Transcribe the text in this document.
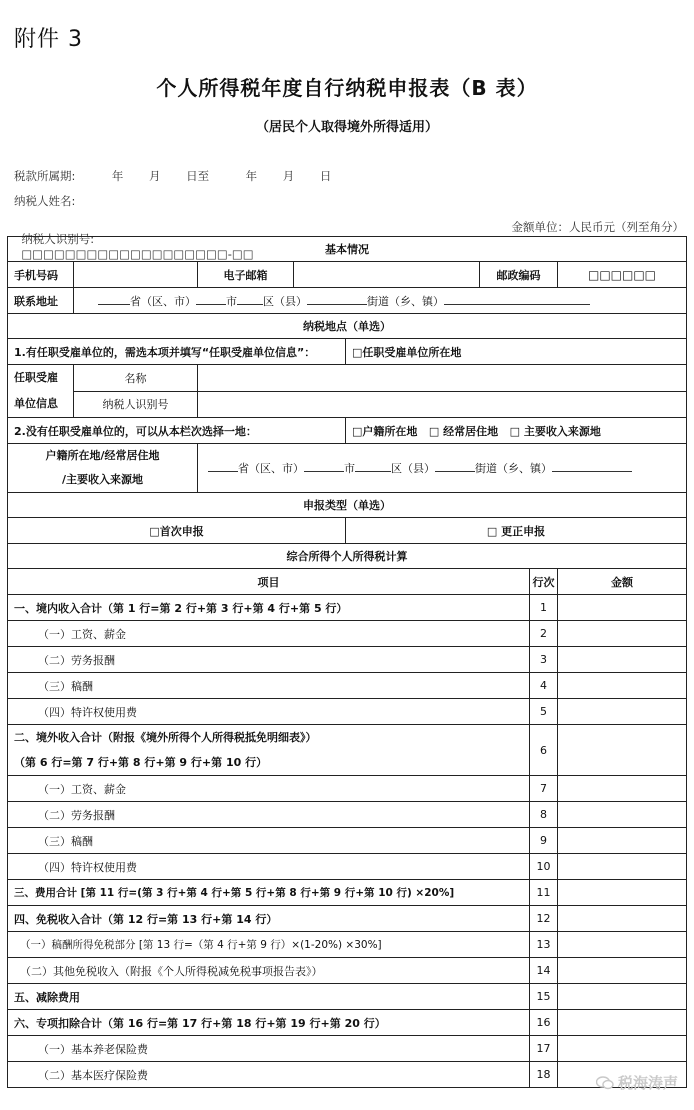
附件 3
个人所得税年度自行纳税申报表（B 表）
（居民个人取得境外所得适用）
税款所属期:          年       月       日至          年       月       日
纳税人姓名:

纳税人识别号:
□□□□□□□□□□□□□□□□□□□-□□

金额单位：人民币元（列至角分）
基本情况							
手机号码		电子邮箱			邮政编码		□□□□□□
联系地址	省（区、市） 市 区（县） 街道（乡、镇）						
纳税地点（单选）							
1.有任职受雇单位的，需选本项并填写“任职受雇单位信息”：				□任职受雇单位所在地			

任职受雇
单位信息	名称						
	纳税人识别号						
2.没有任职受雇单位的，可以从本栏次选择一地：				□户籍所在地 □ 经常居住地 □ 主要收入来源地			

户籍所在地/经常居住地
/主要收入来源地		省（区、市） 市 区（县） 街道（乡、镇）					
申报类型（单选）							
□首次申报				□ 更正申报			
综合所得个人所得税计算							
项目						行次	金额
一、境内收入合计（第 1 行=第 2 行+第 3 行+第 4 行+第 5 行）						1	
（一）工资、薪金						2	
（二）劳务报酬						3	
（三）稿酬						4	
（四）特许权使用费						5	

二、境外收入合计（附报《境外所得个人所得税抵免明细表》）
（第 6 行=第 7 行+第 8 行+第 9 行+第 10 行）						6	
（一）工资、薪金						7	
（二）劳务报酬						8	
（三）稿酬						9	
（四）特许权使用费						10	
三、费用合计 [第 11 行=(第 3 行+第 4 行+第 5 行+第 8 行+第 9 行+第 10 行) ×20%]						11	
四、免税收入合计（第 12 行=第 13 行+第 14 行）						12	
（一）稿酬所得免税部分 [第 13 行=（第 4 行+第 9 行）×(1-20%) ×30%]						13	
（二）其他免税收入（附报《个人所得税减免税事项报告表》）						14	
五、减除费用						15	
六、专项扣除合计（第 16 行=第 17 行+第 18 行+第 19 行+第 20 行）						16	
（一）基本养老保险费						17	
（二）基本医疗保险费						18		税海涛声
